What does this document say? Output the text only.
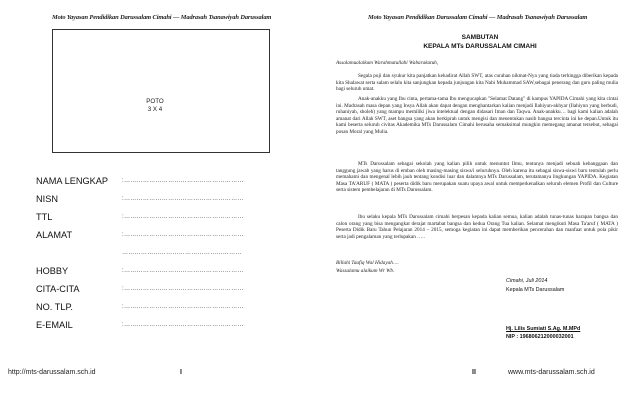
Moto Yayasan Pendidikan Darussalam Cimahi — Madrasah Tsanawiyah Darussalam
POTO
3 X 4
NAMA LENGKAP	:…………………………………………………
NISN	:…………………………………………………
TTL	:…………………………………………………
ALAMAT	:…………………………………………………
…………………………………………………
HOBBY	:…………………………………………………
CITA-CITA	:…………………………………………………
NO. TLP.	:…………………………………………………
E-EMAIL	:…………………………………………………
http://mts-darussalam.sch.id	I
Moto Yayasan Pendidikan Darussalam Cimahi — Madrasah Tsanawiyah Darussalam
SAMBUTAN
KEPALA MTs DARUSSALAM CIMAHI
Assalamualaikum Warahmatullahi Wabarakatuh,
Segala puji dan syukur kita panjatkan kehadirat Allah SWT, atas curahan nikmat-Nya yang tiada terhingga diberikan kepada kita Shalawat serta salam selalu kita sanjungkan kepada junjungan kita Nabi Muhammad SAW,sebagai penerang dan guru paling mulia bagi seluruh umat.
Anak-anakku yang Ibu cinta, pertama-tama Ibu mengucapkan "Selamat Datang" di kampus YAPIDA Cimahi yang kita cintai ini. Madrasah masa depan yang Insya Allah akan dapat dengan menghantarkan kalian menjadi Ilahiyun-akhyar (Ilahiyun yang berbudi, ruhaniyah, sholeh) yang mampu memiliki jiwa intelektual dengan didasari Iman dan Taqwa. Anak-anakku… bagi kami kalian adalah amanat dari Allah SWT, aset bangsa yang akan berkiprah untuk mengisi dan menentukan nasib bangsa tercinta ini ke depan.Untuk itu kami beserta seluruh civitas Akademika MTs Darussalam Cimahi berusaha semaksimal mungkin memegang amanat tersebut, sebagai posan Moral yang Mulia.
MTs Darussalam sebagai sekolah yang kalian pilih untuk menuntut Ilmu, tentunya menjadi sebuah kebanggaan dan tanggung jawab yang harus di emban oleh masing-masing siswa/i seluruhnya. Oleh karena itu sebagai siswa-siswi baru tentulah perlu memahami dan mengenal lebih jauh tentang kondisi luar dan dalamnya MTs Darussalam, terutamanya lingkungan YAPIDA. Kegiatan Masa TA'ARUF ( MATA ) peserta didik baru merupakan suatu upaya awal untuk memperkenalkan seluruh elemen Profil dan Culture serta sistem pembelajaran di MTs Darussalam.
Ibu selaku kepala MTs Darussalam cimahi berpesan kepada kalian semua, kalian adalah tunas-tunas harapan bangsa dan calon orang yang bisa mengangkat derajat martabat bangsa dan kedua Orang Tua kalian. Selamat mengikuti Masa Ta'aruf ( MATA ) Peserta Didik Baru Tahun Pelajaran 2014 – 2015, semoga kegiatan ini dapat memberikan pencerahan dan manfaat untuk pola pikir serta jadi pengalaman yang terlupakan …..
Billahi Taufiq Wal Hidayah….
Wassalamu alaikum Wr Wb.
Cimahi, Juli 2014
Kepala MTs Darussalam
Hj. Lilis Sumiati S.Ag. M.MPd
NIP : 196806212000032001
II	www.mts-darussalam.sch.id
